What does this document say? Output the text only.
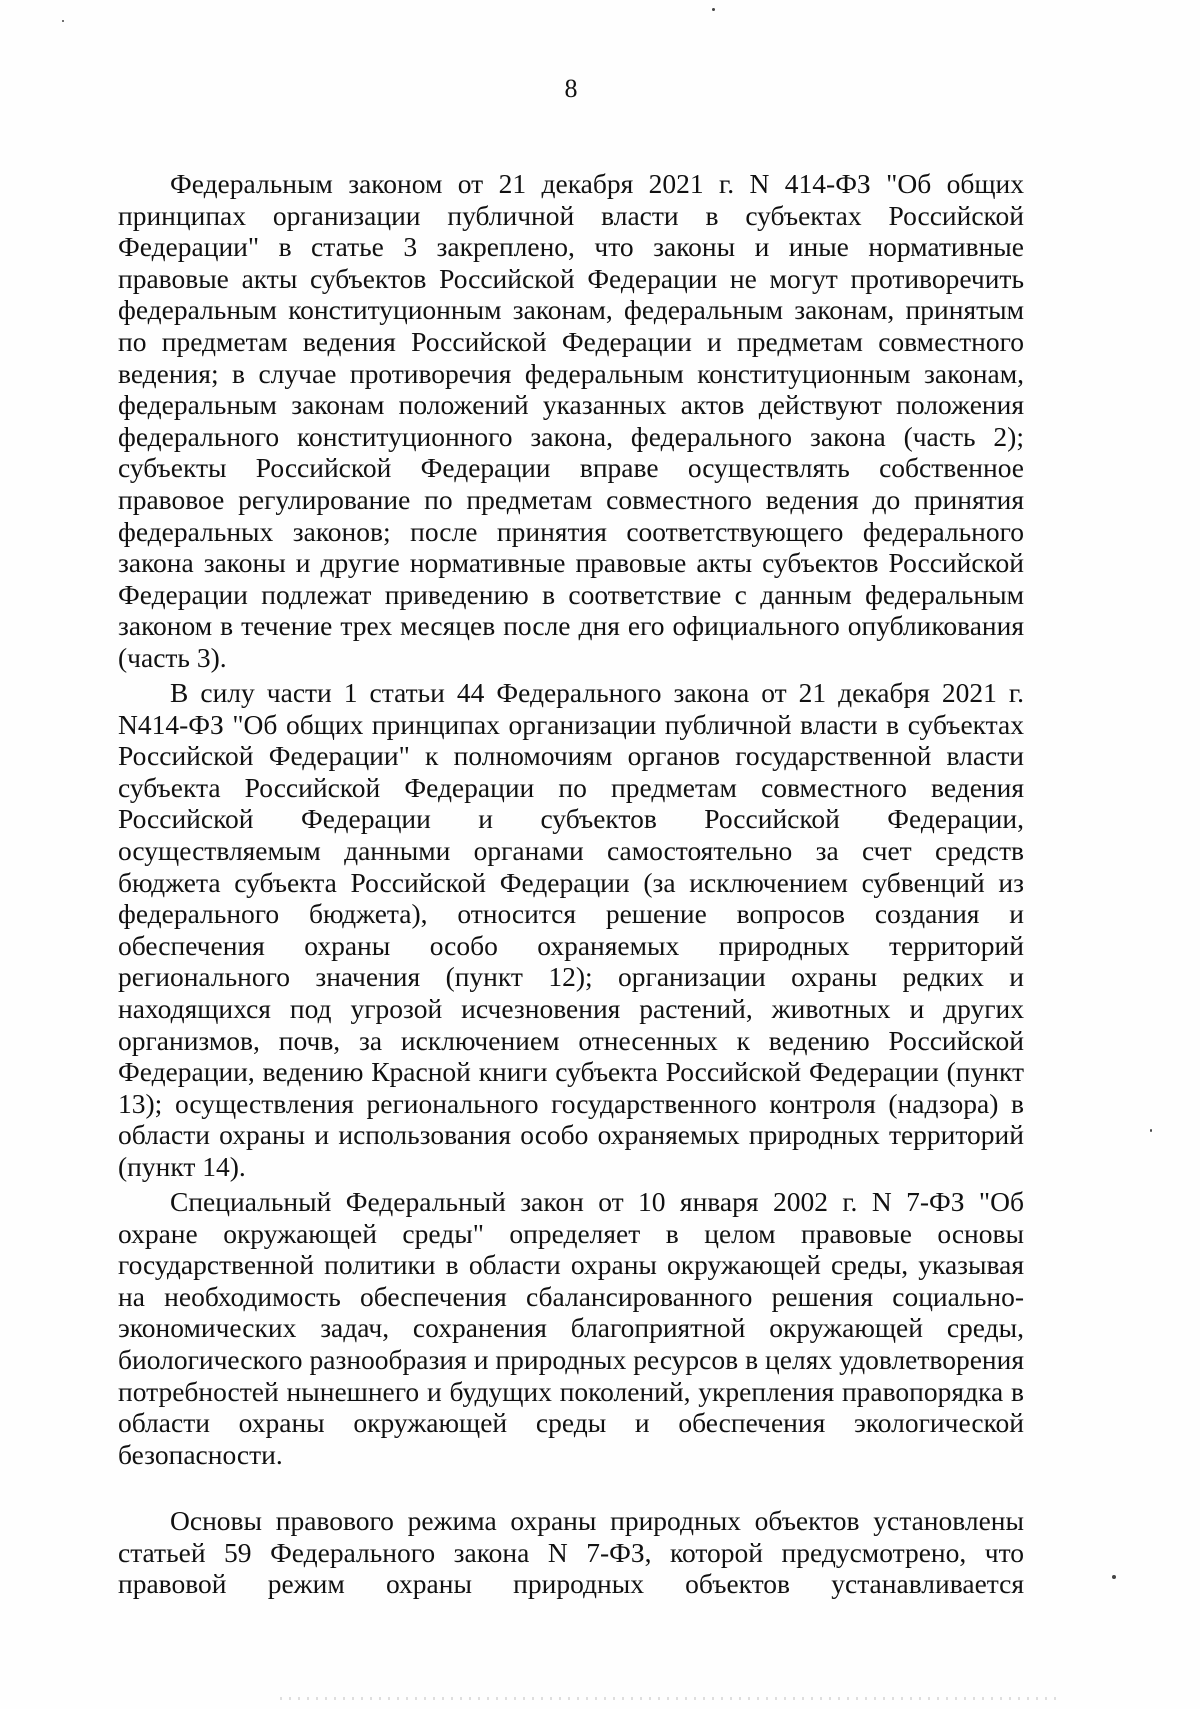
8

Федеральным законом от 21 декабря 2021 г. N 414-ФЗ "Об общих принципах организации публичной власти в субъектах Российской Федерации" в статье 3 закреплено, что законы и иные нормативные правовые акты субъектов Российской Федерации не могут противоречить федеральным конституционным законам, федеральным законам, принятым по предметам ведения Российской Федерации и предметам совместного ведения; в случае противоречия федеральным конституционным законам, федеральным законам положений указанных актов действуют положения федерального конституционного закона, федерального закона (часть 2); субъекты Российской Федерации вправе осуществлять собственное правовое регулирование по предметам совместного ведения до принятия федеральных законов; после принятия соответствующего федерального закона законы и другие нормативные правовые акты субъектов Российской Федерации подлежат приведению в соответствие с данным федеральным законом в течение трех месяцев после дня его официального опубликования (часть 3).

В силу части 1 статьи 44 Федерального закона от 21 декабря 2021 г. N414-ФЗ "Об общих принципах организации публичной власти в субъектах Российской Федерации" к полномочиям органов государственной власти субъекта Российской Федерации по предметам совместного ведения Российской Федерации и субъектов Российской Федерации, осуществляемым данными органами самостоятельно за счет средств бюджета субъекта Российской Федерации (за исключением субвенций из федерального бюджета), относится решение вопросов создания и обеспечения охраны особо охраняемых природных территорий регионального значения (пункт 12); организации охраны редких и находящихся под угрозой исчезновения растений, животных и других организмов, почв, за исключением отнесенных к ведению Российской Федерации, ведению Красной книги субъекта Российской Федерации (пункт 13); осуществления регионального государственного контроля (надзора) в области охраны и использования особо охраняемых природных территорий (пункт 14).

Специальный Федеральный закон от 10 января 2002 г. N 7-ФЗ "Об охране окружающей среды" определяет в целом правовые основы государственной политики в области охраны окружающей среды, указывая на необходимость обеспечения сбалансированного решения социально-экономических задач, сохранения благоприятной окружающей среды, биологического разнообразия и природных ресурсов в целях удовлетворения потребностей нынешнего и будущих поколений, укрепления правопорядка в области охраны окружающей среды и обеспечения экологической безопасности.

Основы правового режима охраны природных объектов установлены статьей 59 Федерального закона N 7-ФЗ, которой предусмотрено, что правовой режим охраны природных объектов устанавливается
